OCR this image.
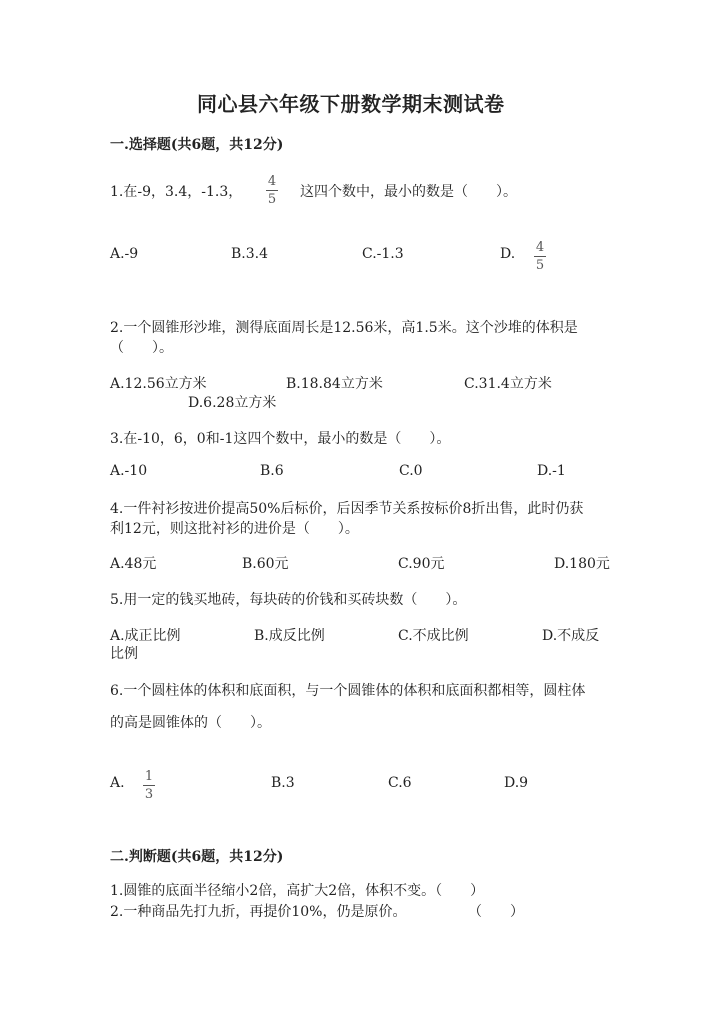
同心县六年级下册数学期末测试卷
一.选择题(共6题，共12分)
1.在-9，3.4，-1.3，
4
5 这四个数中，最小的数是（　　）。
A.-9	B.3.4	C.-1.3	D. 4
5
2.一个圆锥形沙堆，测得底面周长是12.56米，高1.5米。这个沙堆的体积是
（　　）。
A.12.56立方米	B.18.84立方米	C.31.4立方米
D.6.28立方米
3.在-10，6，0和-1这四个数中，最小的数是（　　）。
A.-10	B.6	C.0	D.-1
4.一件衬衫按进价提高50%后标价，后因季节关系按标价8折出售，此时仍获
利12元，则这批衬衫的进价是（　　）。
A.48元	B.60元	C.90元	D.180元
5.用一定的钱买地砖，每块砖的价钱和买砖块数（　　）。
A.成正比例	B.成反比例	C.不成比例	D.不成反
比例
6.一个圆柱体的体积和底面积，与一个圆锥体的体积和底面积都相等，圆柱体
的高是圆锥体的（　　）。
A. 1
3
B.3	C.6	D.9
二.判断题(共6题，共12分)
1.圆锥的底面半径缩小2倍，高扩大2倍，体积不变。（　　）
2.一种商品先打九折，再提价10%，仍是原价。	（　　）
